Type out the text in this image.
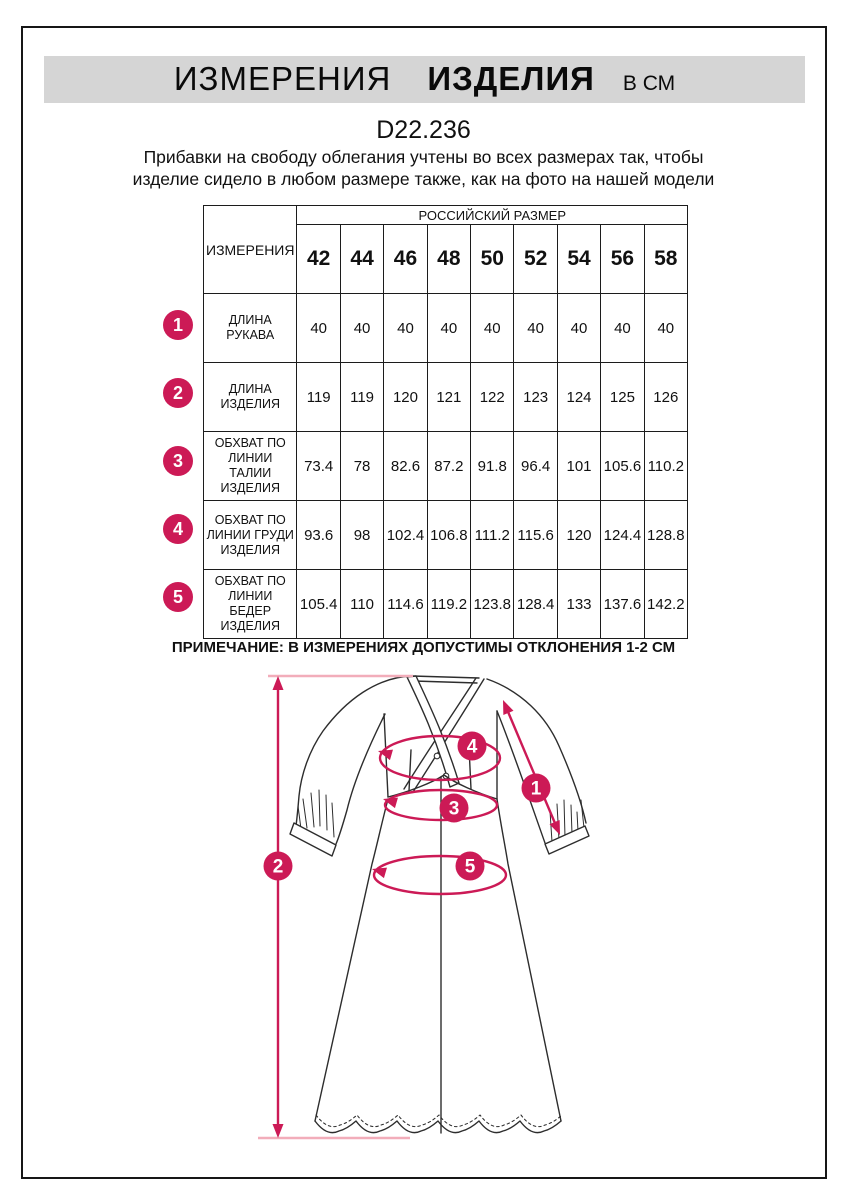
ИЗМЕРЕНИЯ ИЗДЕЛИЯ В СМ
D22.236
Прибавки на свободу облегания учтены во всех размерах так, чтобы
изделие сидело в любом размере также, как на фото на нашей модели
ИЗМЕРЕНИЯ	РОССИЙСКИЙ РАЗМЕР								
	42	44	46	48	50	52	54	56	58
ДЛИНА РУКАВА	40	40	40	40	40	40	40	40	40
ДЛИНА ИЗДЕЛИЯ	119	119	120	121	122	123	124	125	126
ОБХВАТ ПО ЛИНИИ ТАЛИИ ИЗДЕЛИЯ	73.4	78	82.6	87.2	91.8	96.4	101	105.6	110.2
ОБХВАТ ПО ЛИНИИ ГРУДИ ИЗДЕЛИЯ	93.6	98	102.4	106.8	111.2	115.6	120	124.4	128.8
ОБХВАТ ПО ЛИНИИ БЕДЕР ИЗДЕЛИЯ	105.4	110	114.6	119.2	123.8	128.4	133	137.6	142.2
1
2
3
4
5
ПРИМЕЧАНИЕ: В ИЗМЕРЕНИЯХ ДОПУСТИМЫ ОТКЛОНЕНИЯ 1-2 СМ
1
2
3
4
5
